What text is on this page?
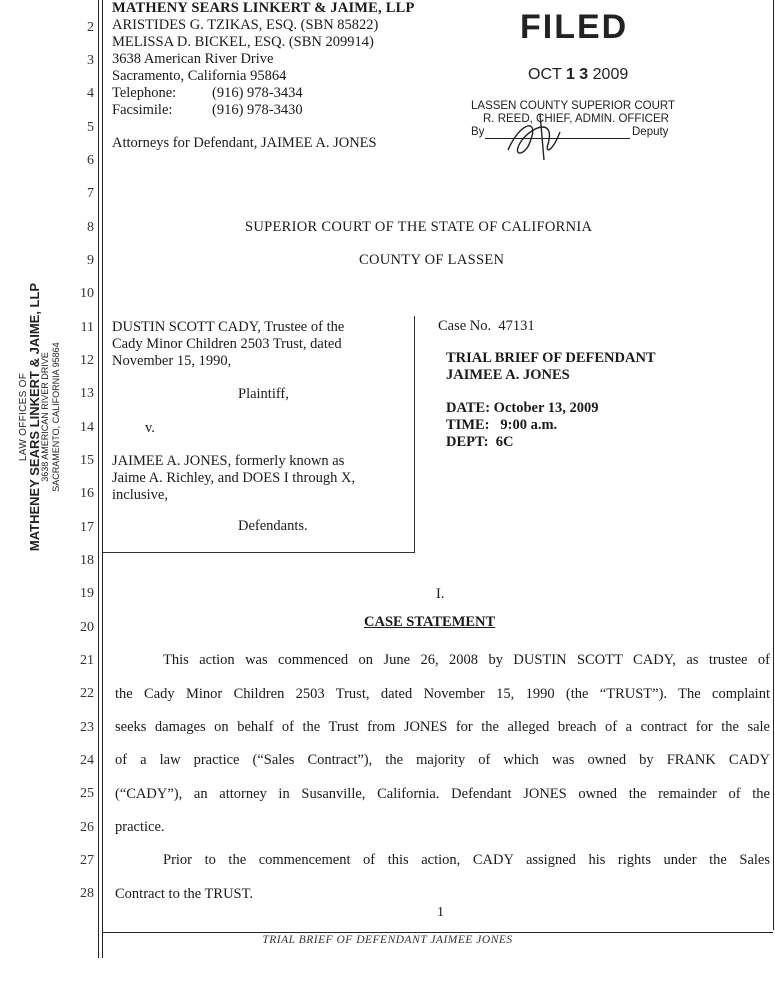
LAW OFFICES OF
MATHENEY SEARS LINKERT & JAIME, LLP
3638 AMERICAN RIVER DRIVE SACRAMENTO, CALIFORNIA 95864
2
3
4
5
6
7
8
9
10
11
12
13
14
15
16
17
18
19
20
21
22
23
24
25
26
27
28
MATHENY SEARS LINKERT & JAIME, LLP
ARISTIDES G. TZIKAS, ESQ. (SBN 85822)
MELISSA D. BICKEL, ESQ. (SBN 209914)
3638 American River Drive
Sacramento, California 95864
Telephone: (916) 978-3434
Facsimile:	(916) 978-3430
Attorneys for Defendant, JAIMEE A. JONES
FILED
OCT 1 3 2009
LASSEN COUNTY SUPERIOR COURT
R. REED, CHIEF, ADMIN. OFFICER
By	Deputy
SUPERIOR COURT OF THE STATE OF CALIFORNIA
COUNTY OF LASSEN
DUSTIN SCOTT CADY, Trustee of the
Cady Minor Children 2503 Trust, dated
November 15, 1990,
Plaintiff,
v.
JAIMEE A. JONES, formerly known as
Jaime A. Richley, and DOES I through X,
inclusive,
Defendants.
Case No. 47131
TRIAL BRIEF OF DEFENDANT
JAIMEE A. JONES
DATE: October 13, 2009
TIME: 9:00 a.m.
DEPT: 6C
I.
CASE STATEMENT
This action was commenced on June 26, 2008 by DUSTIN SCOTT CADY, as trustee of
the Cady Minor Children 2503 Trust, dated November 15, 1990 (the “TRUST”). The complaint
seeks damages on behalf of the Trust from JONES for the alleged breach of a contract for the sale
of a law practice (“Sales Contract”), the majority of which was owned by FRANK CADY
(“CADY”), an attorney in Susanville, California. Defendant JONES owned the remainder of the
practice.
Prior to the commencement of this action, CADY assigned his rights under the Sales
Contract to the TRUST.
1
TRIAL BRIEF OF DEFENDANT JAIMEE JONES
